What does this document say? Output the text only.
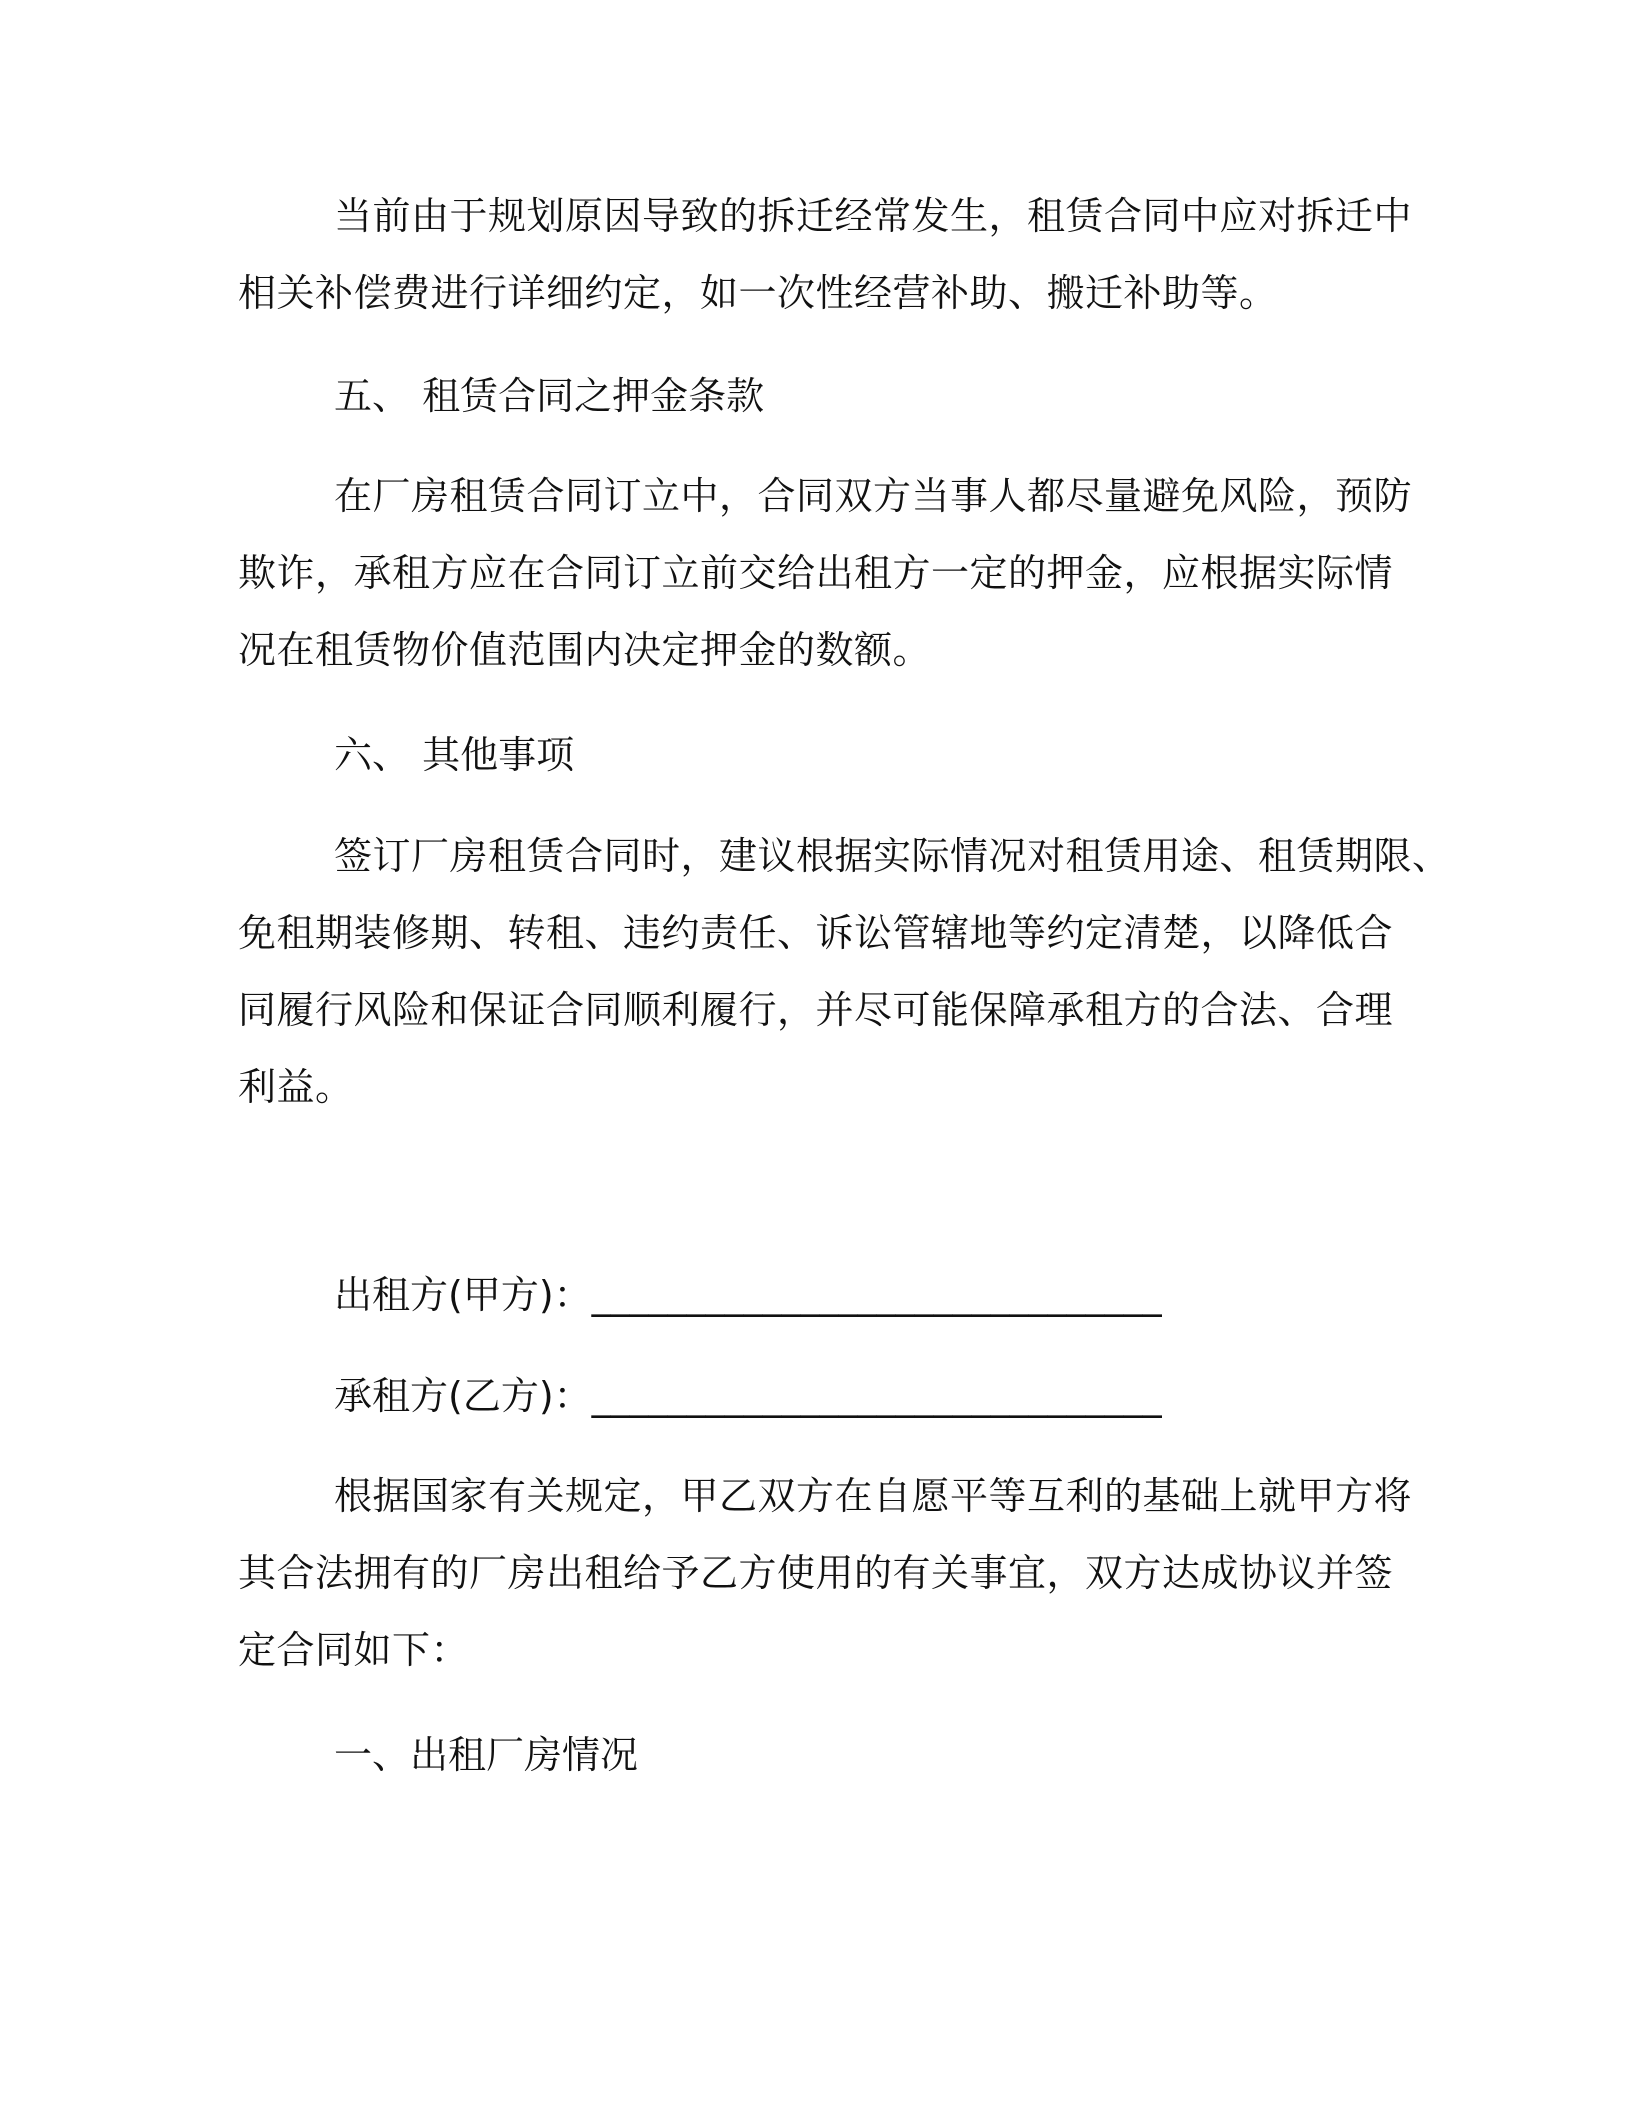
当前由于规划原因导致的拆迁经常发生，租赁合同中应对拆迁中
相关补偿费进行详细约定，如一次性经营补助、搬迁补助等。
五、 租赁合同之押金条款
在厂房租赁合同订立中，合同双方当事人都尽量避免风险，预防
欺诈，承租方应在合同订立前交给出租方一定的押金，应根据实际情
况在租赁物价值范围内决定押金的数额。
六、 其他事项
签订厂房租赁合同时，建议根据实际情况对租赁用途、租赁期限、
免租期装修期、转租、违约责任、诉讼管辖地等约定清楚，以降低合
同履行风险和保证合同顺利履行，并尽可能保障承租方的合法、合理
利益。
出租方(甲方)：______________________________
承租方(乙方)：______________________________
根据国家有关规定，甲乙双方在自愿平等互利的基础上就甲方将
其合法拥有的厂房出租给予乙方使用的有关事宜，双方达成协议并签
定合同如下：
一、出租厂房情况
